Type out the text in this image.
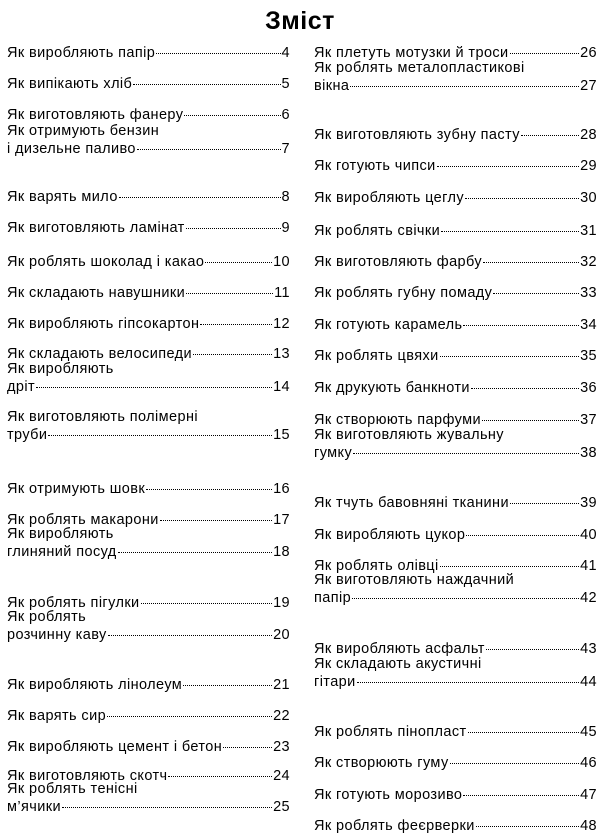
Зміст
Як виробляють папір	4
Як випікають хліб	5
Як виготовляють фанеру	6
Як отримують бензин
і дизельне паливо	7
Як варять мило	8
Як виготовляють ламінат	9
Як роблять шоколад і какао	10
Як складають навушники	11
Як виробляють гіпсокартон	12
Як складають велосипеди	13
Як виробляють
дріт	14
Як виготовляють полімерні
труби	15
Як отримують шовк	16
Як роблять макарони	17
Як виробляють
глиняний посуд	18
Як роблять пігулки	19
Як роблять
розчинну каву	20
Як виробляють лінолеум	21
Як варять сир	22
Як виробляють цемент і бетон	23
Як виготовляють скотч	24
Як роблять тенісні
м’ячики	25
Як плетуть мотузки й троси	26
Як роблять металопластикові
вікна	27
Як виготовляють зубну пасту	28
Як готують чипси	29
Як виробляють цеглу	30
Як роблять свічки	31
Як виготовляють фарбу	32
Як роблять губну помаду	33
Як готують карамель	34
Як роблять цвяхи	35
Як друкують банкноти	36
Як створюють парфуми	37
Як виготовляють жувальну
гумку	38
Як тчуть бавовняні тканини	39
Як виробляють цукор	40
Як роблять олівці	41
Як виготовляють наждачний
папір	42
Як виробляють асфальт	43
Як складають акустичні
гітари	44
Як роблять пінопласт	45
Як створюють гуму	46
Як готують морозиво	47
Як роблять феєрверки	48
